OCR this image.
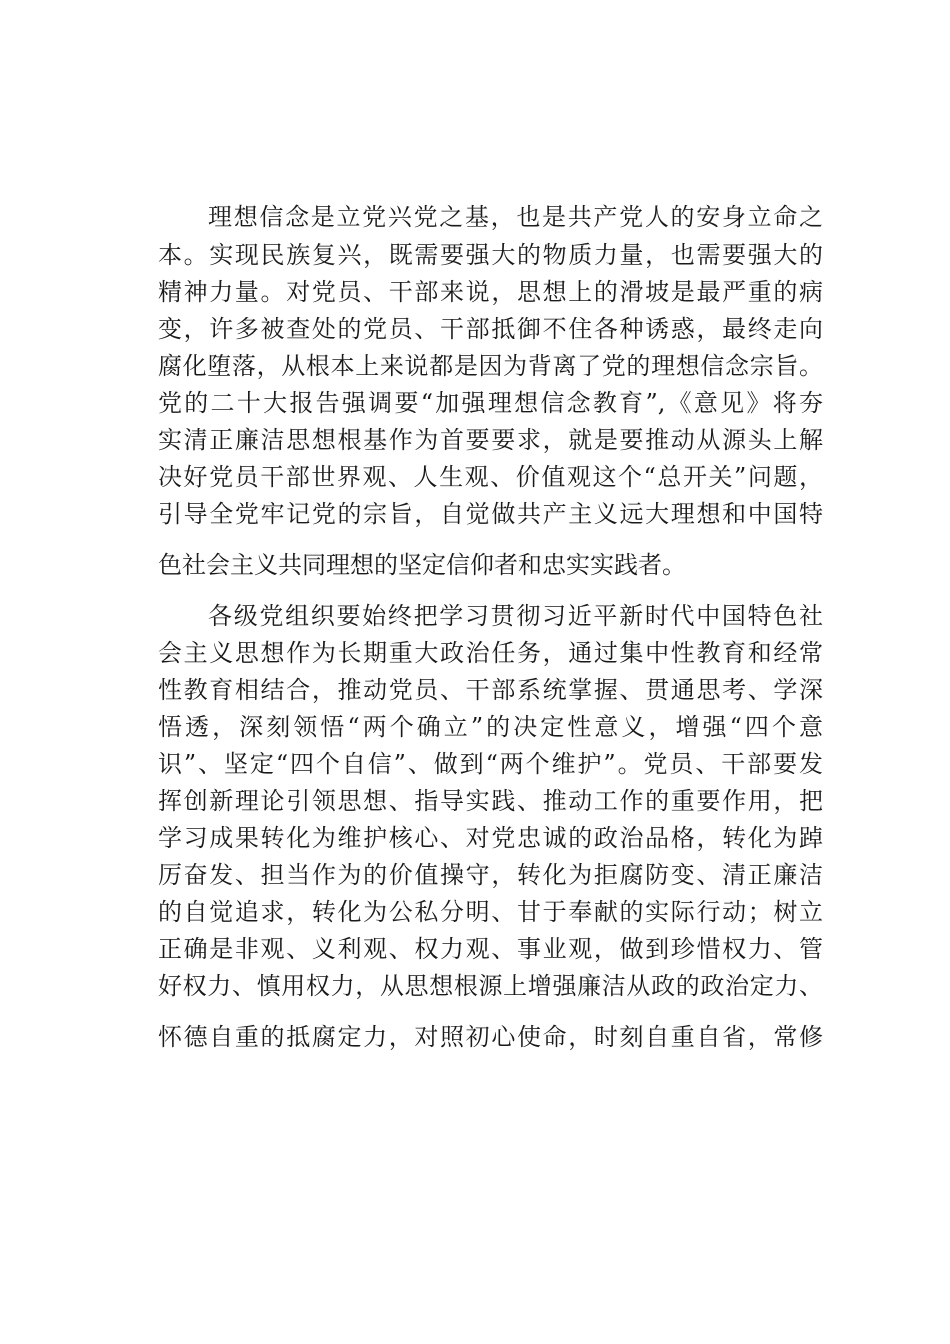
理想信念是立党兴党之基，也是共产党人的安身立命之
本。实现民族复兴，既需要强大的物质力量，也需要强大的
精神力量。对党员、干部来说，思想上的滑坡是最严重的病
变，许多被查处的党员、干部抵御不住各种诱惑，最终走向
腐化堕落，从根本上来说都是因为背离了党的理想信念宗旨。
党的二十大报告强调要“加强理想信念教育”,《意见》将夯
实清正廉洁思想根基作为首要要求，就是要推动从源头上解
决好党员干部世界观、人生观、价值观这个“总开关”问题，
引导全党牢记党的宗旨，自觉做共产主义远大理想和中国特
色社会主义共同理想的坚定信仰者和忠实实践者。
各级党组织要始终把学习贯彻习近平新时代中国特色社
会主义思想作为长期重大政治任务，通过集中性教育和经常
性教育相结合，推动党员、干部系统掌握、贯通思考、学深
悟透，深刻领悟“两个确立”的决定性意义，增强“四个意
识”、坚定“四个自信”、做到“两个维护”。党员、干部要发
挥创新理论引领思想、指导实践、推动工作的重要作用，把
学习成果转化为维护核心、对党忠诚的政治品格，转化为踔
厉奋发、担当作为的价值操守，转化为拒腐防变、清正廉洁
的自觉追求，转化为公私分明、甘于奉献的实际行动；树立
正确是非观、义利观、权力观、事业观，做到珍惜权力、管
好权力、慎用权力，从思想根源上增强廉洁从政的政治定力、
怀德自重的抵腐定力，对照初心使命，时刻自重自省，常修
